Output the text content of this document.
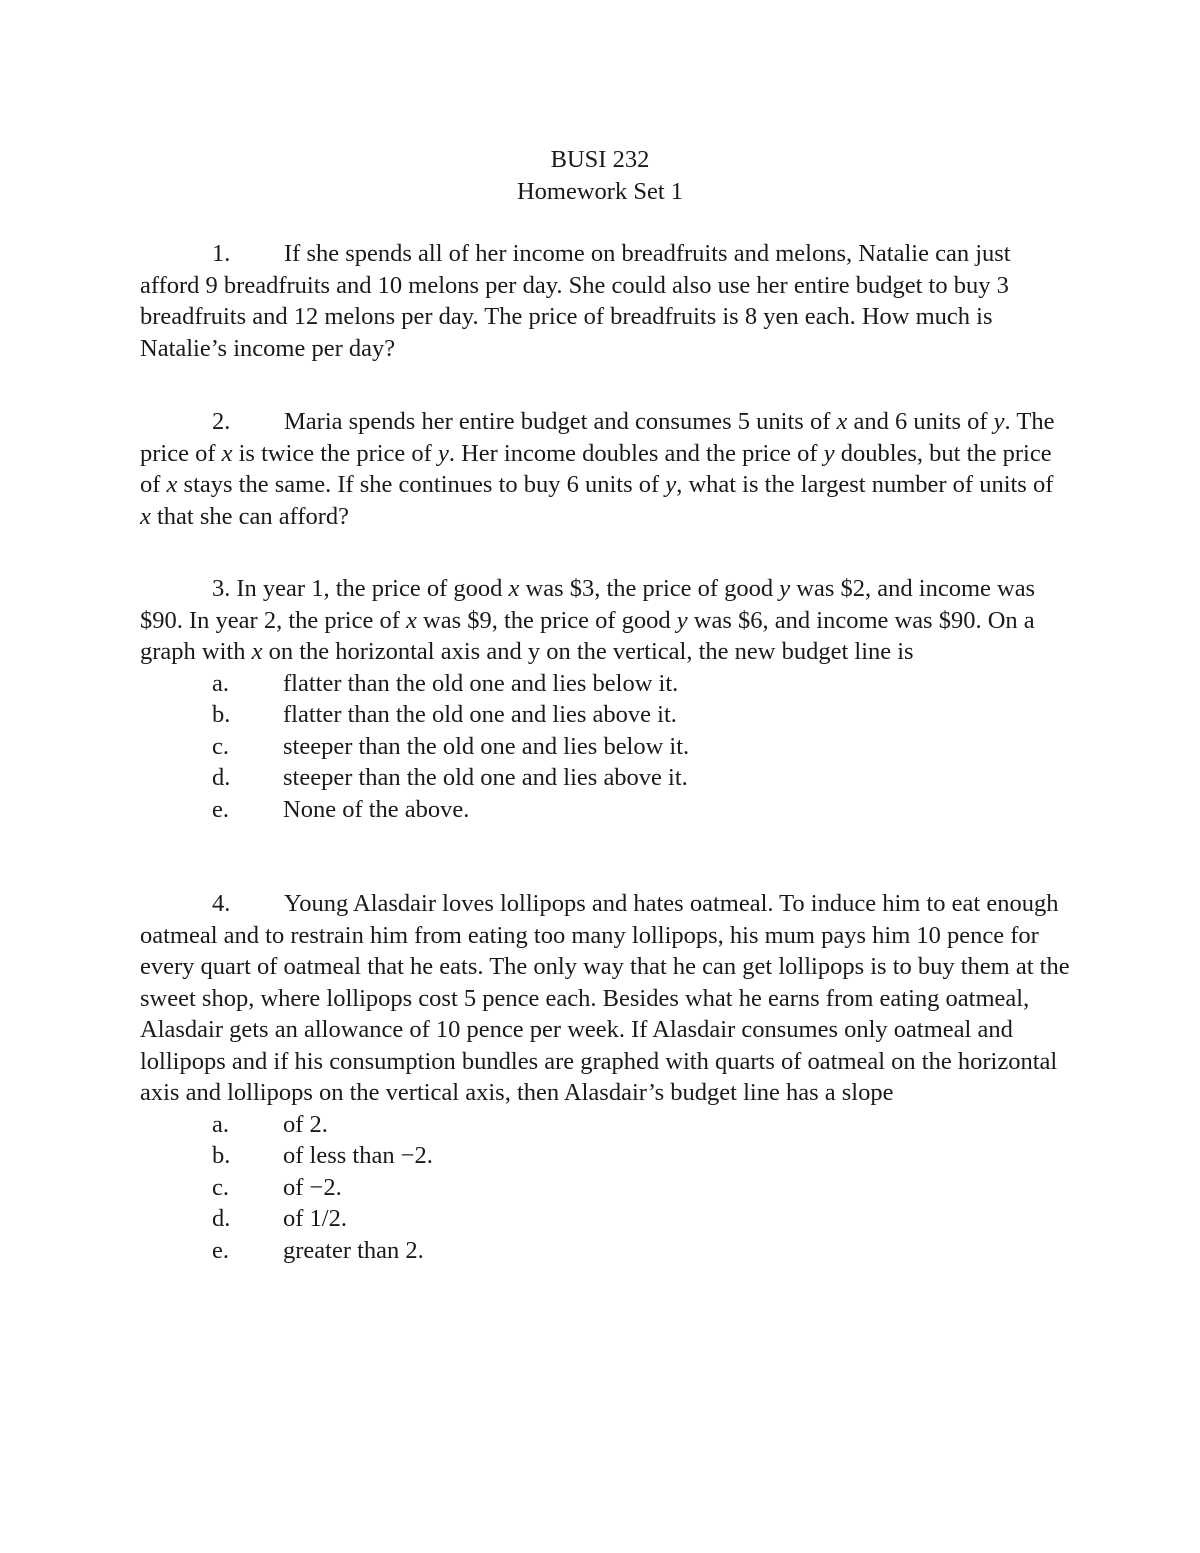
BUSI 232

Homework Set 1

1. If she spends all of her income on breadfruits and melons, Natalie can just afford 9 breadfruits and 10 melons per day. She could also use her entire budget to buy 3 breadfruits and 12 melons per day. The price of breadfruits is 8 yen each. How much is Natalie’s income per day?

2. Maria spends her entire budget and consumes 5 units of x and 6 units of y. The price of x is twice the price of y. Her income doubles and the price of y doubles, but the price of x stays the same. If she continues to buy 6 units of y, what is the largest number of units of x that she can afford?

3. In year 1, the price of good x was $3, the price of good y was $2, and income was $90. In year 2, the price of x was $9, the price of good y was $6, and income was $90. On a graph with x on the horizontal axis and y on the vertical, the new budget line is

a.	flatter than the old one and lies below it.
b.	flatter than the old one and lies above it.
c.	steeper than the old one and lies below it.
d.	steeper than the old one and lies above it.
e.	None of the above.

4. Young Alasdair loves lollipops and hates oatmeal. To induce him to eat enough oatmeal and to restrain him from eating too many lollipops, his mum pays him 10 pence for every quart of oatmeal that he eats. The only way that he can get lollipops is to buy them at the sweet shop, where lollipops cost 5 pence each. Besides what he earns from eating oatmeal, Alasdair gets an allowance of 10 pence per week. If Alasdair consumes only oatmeal and lollipops and if his consumption bundles are graphed with quarts of oatmeal on the horizontal axis and lollipops on the vertical axis, then Alasdair’s budget line has a slope

a.	of 2.
b.	of less than −2.
c.	of −2.
d.	of 1/2.
e.	greater than 2.
